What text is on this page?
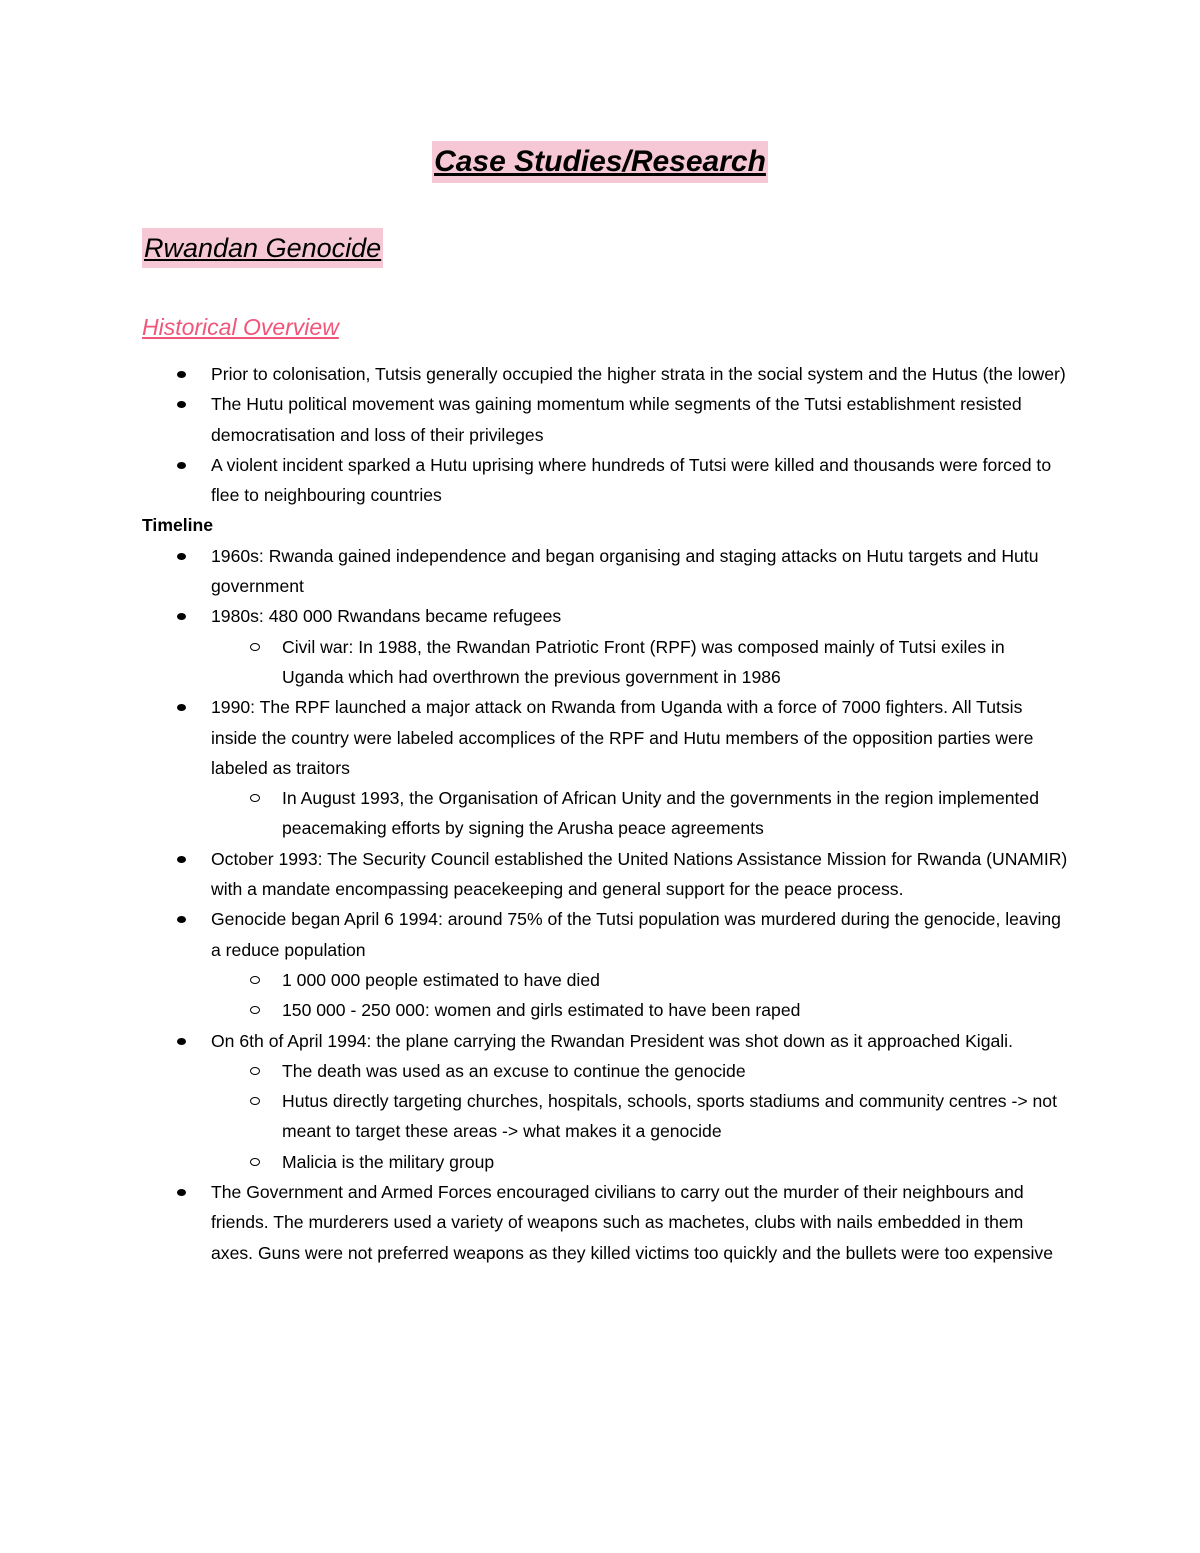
Case Studies/Research
Rwandan Genocide
Historical Overview
Prior to colonisation, Tutsis generally occupied the higher strata in the social system and the Hutus (the lower)
The Hutu political movement was gaining momentum while segments of the Tutsi establishment resisted democratisation and loss of their privileges
A violent incident sparked a Hutu uprising where hundreds of Tutsi were killed and thousands were forced to flee to neighbouring countries

Timeline

1960s: Rwanda gained independence and began organising and staging attacks on Hutu targets and Hutu government
1980s: 480 000 Rwandans became refugees
Civil war: In 1988, the Rwandan Patriotic Front (RPF) was composed mainly of Tutsi exiles in Uganda which had overthrown the previous government in 1986
1990: The RPF launched a major attack on Rwanda from Uganda with a force of 7000 fighters. All Tutsis inside the country were labeled accomplices of the RPF and Hutu members of the opposition parties were labeled as traitors
In August 1993, the Organisation of African Unity and the governments in the region implemented peacemaking efforts by signing the Arusha peace agreements
October 1993: The Security Council established the United Nations Assistance Mission for Rwanda (UNAMIR) with a mandate encompassing peacekeeping and general support for the peace process.
Genocide began April 6 1994: around 75% of the Tutsi population was murdered during the genocide, leaving a reduce population
1 000 000 people estimated to have died
150 000 - 250 000: women and girls estimated to have been raped
On 6th of April 1994: the plane carrying the Rwandan President was shot down as it approached Kigali.
The death was used as an excuse to continue the genocide
Hutus directly targeting churches, hospitals, schools, sports stadiums and community centres -> not meant to target these areas -> what makes it a genocide
Malicia is the military group
The Government and Armed Forces encouraged civilians to carry out the murder of their neighbours and friends. The murderers used a variety of weapons such as machetes, clubs with nails embedded in them axes. Guns were not preferred weapons as they killed victims too quickly and the bullets were too expensive
